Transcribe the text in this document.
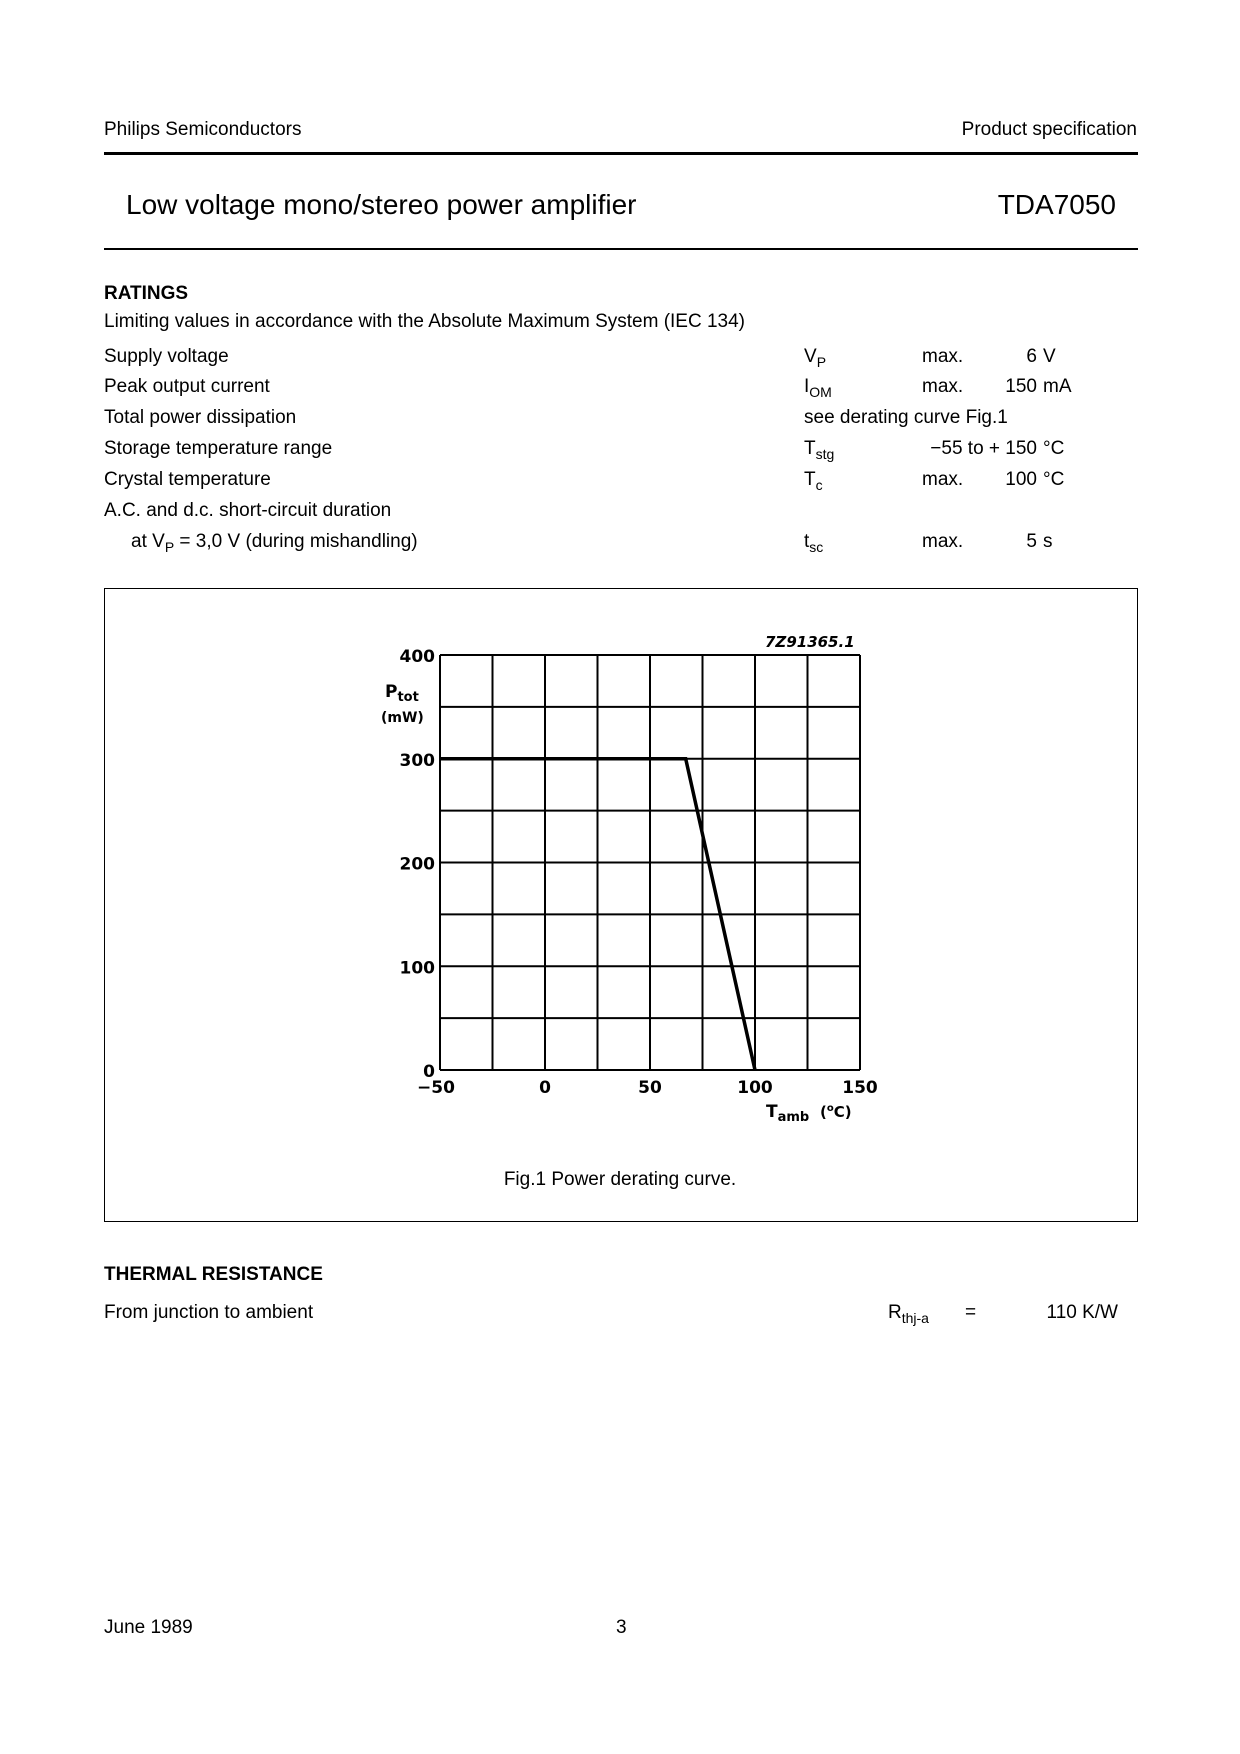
Philips Semiconductors	Product specification
Low voltage mono/stereo power amplifier	TDA7050
RATINGS
Limiting values in accordance with the Absolute Maximum System (IEC 134)
Supply voltage	$V_P$	max.	6 V
Peak output current	$I_{OM}$	max. 150 mA
Total power dissipation	see derating curve Fig.1
Storage temperature range	$T_{stg}$	−55 to + 150 °C
Crystal temperature	$T_c$	max. 100 °C
A.C. and d.c. short-circuit duration
at $V_P = 3,0$ V (during mishandling)	$t_{sc}$	max.	5 s
0
100
200
300
400
−50	0	50	100	150
7Z91365.1
$P_{tot}$
(mW)
$T_{amb}$ ($^o$C)
Fig.1 Power derating curve.
THERMAL RESISTANCE
From junction to ambient	$R_{thj-a}$ =	110 K/W
June 1989	3
